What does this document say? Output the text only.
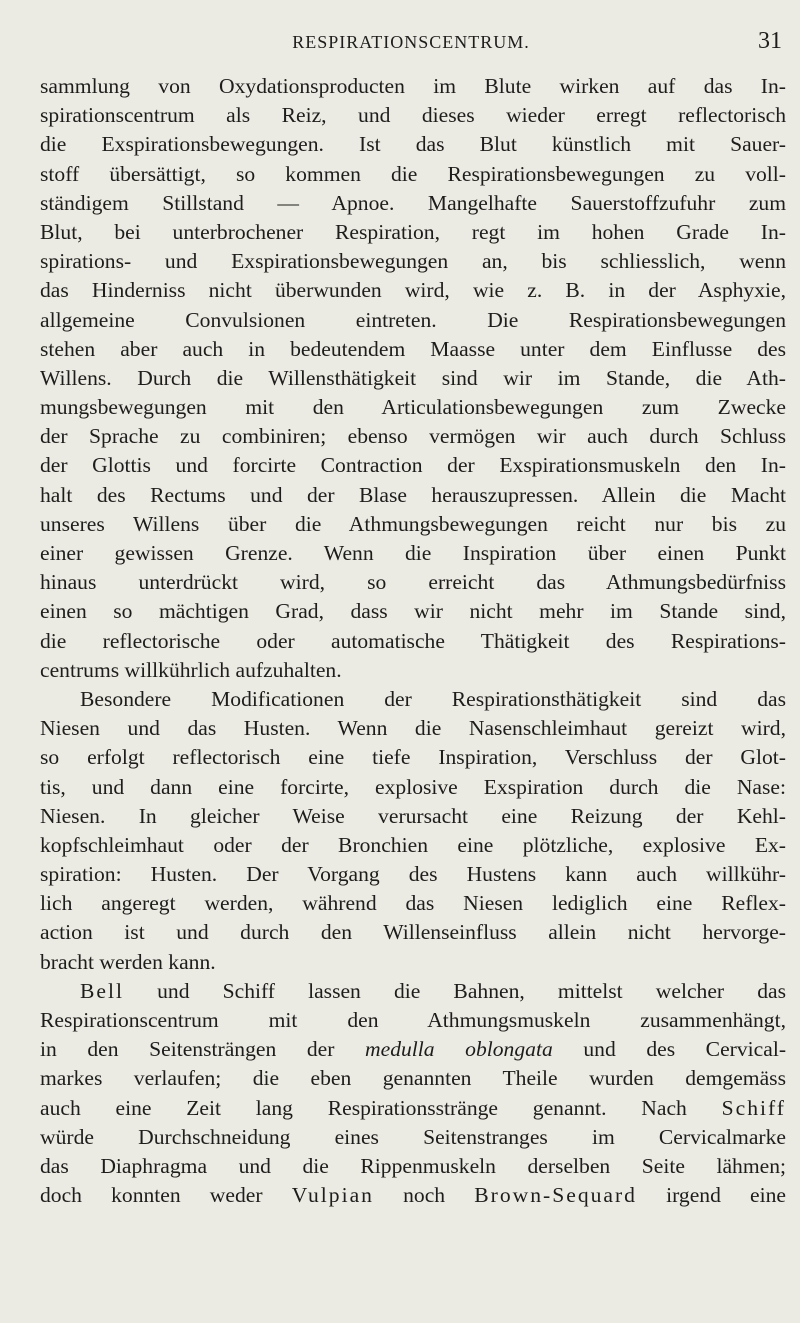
RESPIRATIONSCENTRUM.	31
sammlung von Oxydationsproducten im Blute wirken auf das In-
spirationscentrum als Reiz, und dieses wieder erregt reflectorisch
die Exspirationsbewegungen. Ist das Blut künstlich mit Sauer-
stoff übersättigt, so kommen die Respirationsbewegungen zu voll-
ständigem Stillstand — Apnoe. Mangelhafte Sauerstoffzufuhr zum
Blut, bei unterbrochener Respiration, regt im hohen Grade In-
spirations- und Exspirationsbewegungen an, bis schliesslich, wenn
das Hinderniss nicht überwunden wird, wie z. B. in der Asphyxie,
allgemeine Convulsionen eintreten. Die Respirationsbewegungen
stehen aber auch in bedeutendem Maasse unter dem Einflusse des
Willens. Durch die Willensthätigkeit sind wir im Stande, die Ath-
mungsbewegungen mit den Articulationsbewegungen zum Zwecke
der Sprache zu combiniren; ebenso vermögen wir auch durch Schluss
der Glottis und forcirte Contraction der Exspirationsmuskeln den In-
halt des Rectums und der Blase herauszupressen. Allein die Macht
unseres Willens über die Athmungsbewegungen reicht nur bis zu
einer gewissen Grenze. Wenn die Inspiration über einen Punkt
hinaus unterdrückt wird, so erreicht das Athmungsbedürfniss
einen so mächtigen Grad, dass wir nicht mehr im Stande sind,
die reflectorische oder automatische Thätigkeit des Respirations-
centrums willkührlich aufzuhalten.
Besondere Modificationen der Respirationsthätigkeit sind das
Niesen und das Husten. Wenn die Nasenschleimhaut gereizt wird,
so erfolgt reflectorisch eine tiefe Inspiration, Verschluss der Glot-
tis, und dann eine forcirte, explosive Exspiration durch die Nase:
Niesen. In gleicher Weise verursacht eine Reizung der Kehl-
kopfschleimhaut oder der Bronchien eine plötzliche, explosive Ex-
spiration: Husten. Der Vorgang des Hustens kann auch willkühr-
lich angeregt werden, während das Niesen lediglich eine Reflex-
action ist und durch den Willenseinfluss allein nicht hervorge-
bracht werden kann.
Bell und Schiff lassen die Bahnen, mittelst welcher das
Respirationscentrum mit den Athmungsmuskeln zusammenhängt,
in den Seitensträngen der medulla oblongata und des Cervical-
markes verlaufen; die eben genannten Theile wurden demgemäss
auch eine Zeit lang Respirationsstränge genannt. Nach Schiff
würde Durchschneidung eines Seitenstranges im Cervicalmarke
das Diaphragma und die Rippenmuskeln derselben Seite lähmen;
doch konnten weder Vulpian noch Brown-Sequard irgend eine
